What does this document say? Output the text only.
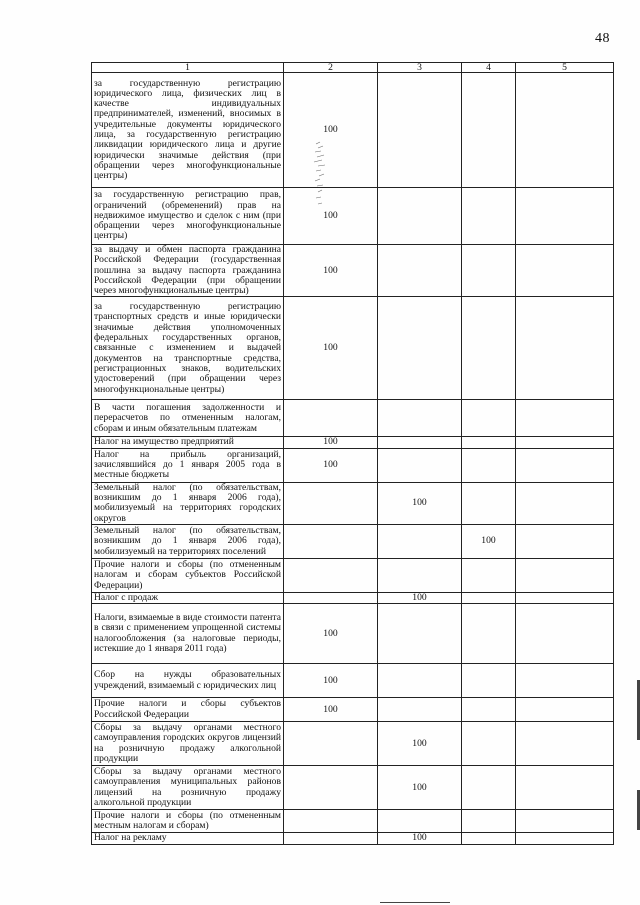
48
1	2	3	4	5
за государственную регистрацию юридического лица, физических лиц в качестве индивидуальных предпринимателей, изменений, вносимых в учредительные документы юридического лица, за государственную регистрацию ликвидации юридического лица и другие юридически значимые действия (при обращении через многофункциональные центры)	100			
за государственную регистрацию прав, ограничений (обременений) прав на недвижимое имущество и сделок с ним (при обращении через многофункциональные центры)	100			
за выдачу и обмен паспорта гражданина Российской Федерации (государственная пошлина за выдачу паспорта гражданина Российской Федерации (при обращении через многофункциональные центры)	100			
за государственную регистрацию транспортных средств и иные юридически значимые действия уполномоченных федеральных государственных органов, связанные с изменением и выдачей документов на транспортные средства, регистрационных знаков, водительских удостоверений (при обращении через многофункциональные центры)	100			
В части погашения задолженности и перерасчетов по отмененным налогам, сборам и иным обязательным платежам				
Налог на имущество предприятий	100			
Налог на прибыль организаций, зачислявшийся до 1 января 2005 года в местные бюджеты	100			
Земельный налог (по обязательствам, возникшим до 1 января 2006 года), мобилизуемый на территориях городских округов		100		
Земельный налог (по обязательствам, возникшим до 1 января 2006 года), мобилизуемый на территориях поселений			100	
Прочие налоги и сборы (по отмененным налогам и сборам субъектов Российской Федерации)				
Налог с продаж		100		
Налоги, взимаемые в виде стоимости патента в связи с применением упрощенной системы налогообложения (за налоговые периоды, истекшие до 1 января 2011 года)	100			
Сбор на нужды образовательных учреждений, взимаемый с юридических лиц	100			
Прочие налоги и сборы субъектов Российской Федерации	100			
Сборы за выдачу органами местного самоуправления городских округов лицензий на розничную продажу алкогольной продукции		100		
Сборы за выдачу органами местного самоуправления муниципальных районов лицензий на розничную продажу алкогольной продукции		100		
Прочие налоги и сборы (по отмененным местным налогам и сборам)				
Налог на рекламу		100		
